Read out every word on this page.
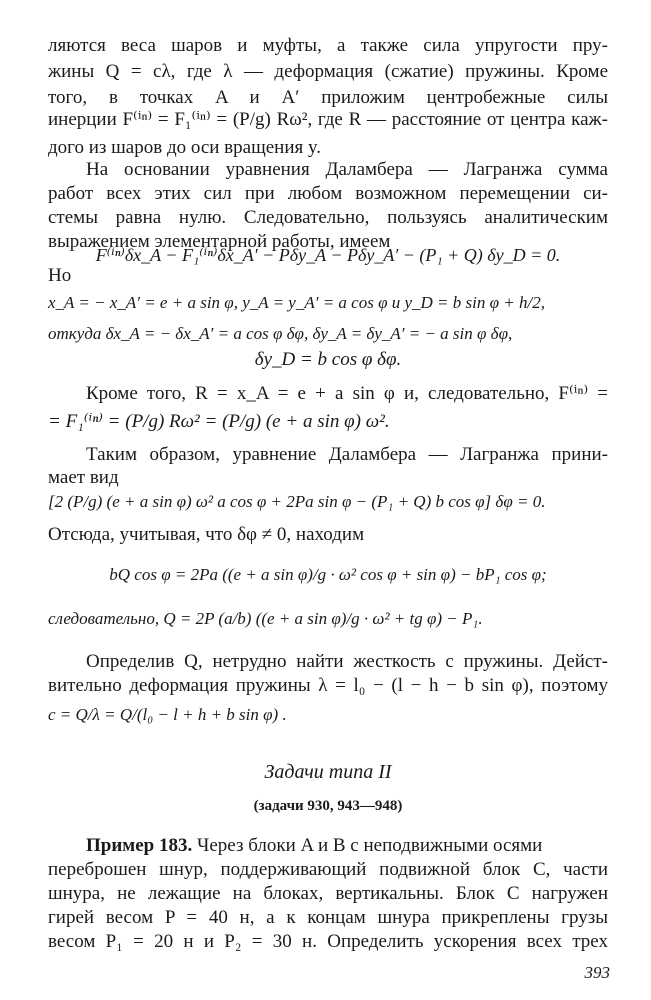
ляются веса шаров и муфты, а также сила упругости пру-
жины Q = cλ, где λ — деформация (сжатие) пружины. Кроме
того, в точках A и A′ приложим центробежные силы
инерции F⁽ⁱⁿ⁾ = F₁⁽ⁱⁿ⁾ = (P/g) Rω², где R — расстояние от центра каж-
дого из шаров до оси вращения y.
На основании уравнения Даламбера — Лагранжа сумма
работ всех этих сил при любом возможном перемещении си-
стемы равна нулю. Следовательно, пользуясь аналитическим
выражением элементарной работы, имеем
F⁽ⁱⁿ⁾δx_A − F₁⁽ⁱⁿ⁾δx_A′ − Pδy_A − Pδy_A′ − (P₁ + Q) δy_D = 0.
Но
x_A = − x_A′ = e + a sin φ, y_A = y_A′ = a cos φ и y_D = b sin φ + h/2,
откуда δx_A = − δx_A′ = a cos φ δφ, δy_A = δy_A′ = − a sin φ δφ,
δy_D = b cos φ δφ.
Кроме того, R = x_A = e + a sin φ и, следовательно, F⁽ⁱⁿ⁾ =
= F₁⁽ⁱⁿ⁾ = (P/g) Rω² = (P/g) (e + a sin φ) ω².
Таким образом, уравнение Даламбера — Лагранжа прини-
мает вид
[2 (P/g) (e + a sin φ) ω² a cos φ + 2Pa sin φ − (P₁ + Q) b cos φ] δφ = 0.
Отсюда, учитывая, что δφ ≠ 0, находим
bQ cos φ = 2Pa ((e + a sin φ)/g · ω² cos φ + sin φ) − bP₁ cos φ;
следовательно, Q = 2P (a/b) ((e + a sin φ)/g · ω² + tg φ) − P₁.
Определив Q, нетрудно найти жесткость c пружины. Дейст-
вительно деформация пружины λ = l₀ − (l − h − b sin φ), поэтому
c = Q/λ = Q/(l₀ − l + h + b sin φ) .
Задачи типа II
(задачи 930, 943—948)
Пример 183. Через блоки A и B с неподвижными осями
переброшен шнур, поддерживающий подвижной блок C, части
шнура, не лежащие на блоках, вертикальны. Блок C нагружен
гирей весом P = 40 н, а к концам шнура прикреплены грузы
весом P₁ = 20 н и P₂ = 30 н. Определить ускорения всех трех
393
